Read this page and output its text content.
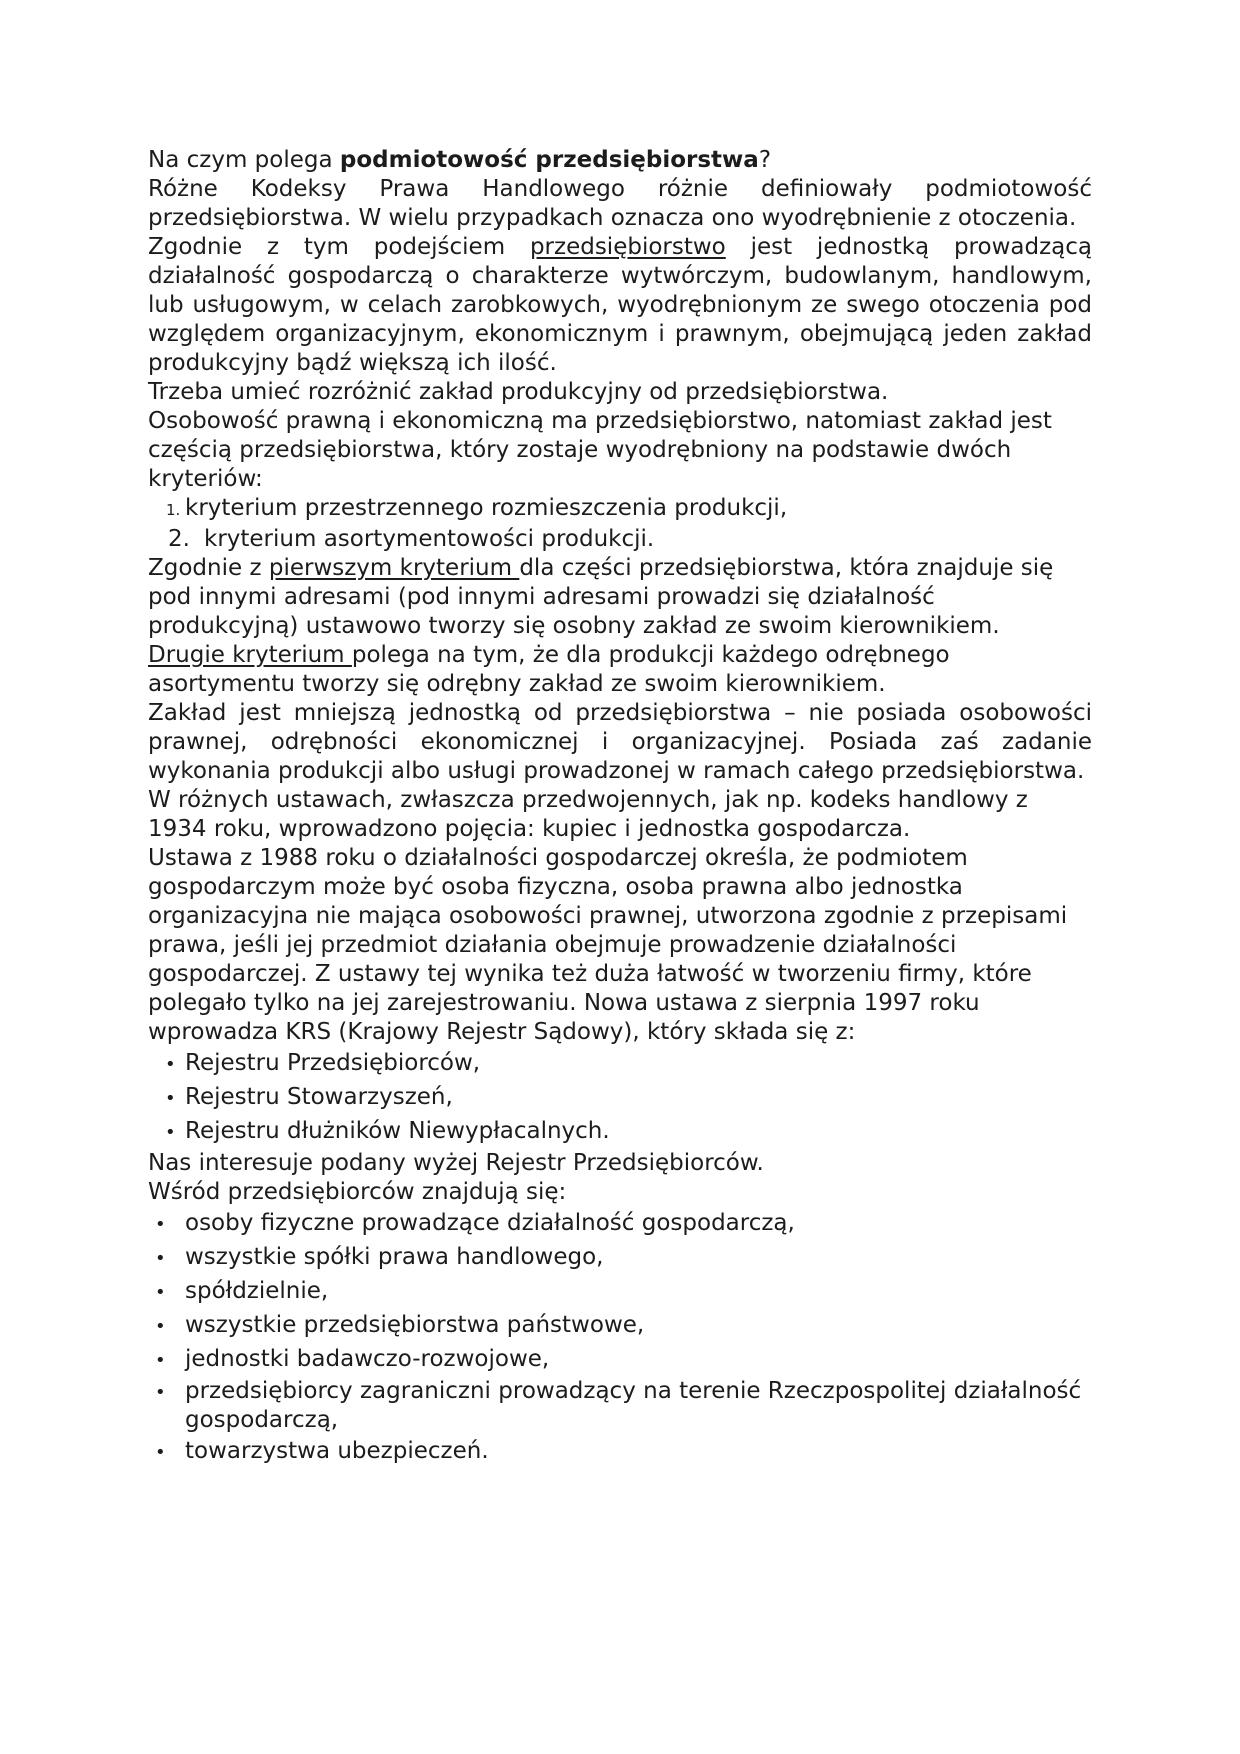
Na czym polega podmiotowość przedsiębiorstwa?

Różne Kodeksy Prawa Handlowego różnie definiowały podmiotowość przedsiębiorstwa. W wielu przypadkach oznacza ono wyodrębnienie z otoczenia.

Zgodnie z tym podejściem przedsiębiorstwo jest jednostką prowadzącą działalność gospodarczą o charakterze wytwórczym, budowlanym, handlowym, lub usługowym, w celach zarobkowych, wyodrębnionym ze swego otoczenia pod względem organizacyjnym, ekonomicznym i prawnym, obejmującą jeden zakład produkcyjny bądź większą ich ilość.

Trzeba umieć rozróżnić zakład produkcyjny od przedsiębiorstwa.

Osobowość prawną i ekonomiczną ma przedsiębiorstwo, natomiast zakład jest częścią przedsiębiorstwa, który zostaje wyodrębniony na podstawie dwóch kryteriów:

1. kryterium przestrzennego rozmieszczenia produkcji,
2. kryterium asortymentowości produkcji.

Zgodnie z pierwszym kryterium dla części przedsiębiorstwa, która znajduje się pod innymi adresami (pod innymi adresami prowadzi się działalność produkcyjną) ustawowo tworzy się osobny zakład ze swoim kierownikiem.

Drugie kryterium polega na tym, że dla produkcji każdego odrębnego asortymentu tworzy się odrębny zakład ze swoim kierownikiem.

Zakład jest mniejszą jednostką od przedsiębiorstwa – nie posiada osobowości prawnej, odrębności ekonomicznej i organizacyjnej. Posiada zaś zadanie wykonania produkcji albo usługi prowadzonej w ramach całego przedsiębiorstwa.

W różnych ustawach, zwłaszcza przedwojennych, jak np. kodeks handlowy z 1934 roku, wprowadzono pojęcia: kupiec i jednostka gospodarcza.

Ustawa z 1988 roku o działalności gospodarczej określa, że podmiotem gospodarczym może być osoba fizyczna, osoba prawna albo jednostka organizacyjna nie mająca osobowości prawnej, utworzona zgodnie z przepisami prawa, jeśli jej przedmiot działania obejmuje prowadzenie działalności gospodarczej. Z ustawy tej wynika też duża łatwość w tworzeniu firmy, które polegało tylko na jej zarejestrowaniu. Nowa ustawa z sierpnia 1997 roku wprowadza KRS (Krajowy Rejestr Sądowy), który składa się z:

• Rejestru Przedsiębiorców,
• Rejestru Stowarzyszeń,
• Rejestru dłużników Niewypłacalnych.

Nas interesuje podany wyżej Rejestr Przedsiębiorców.

Wśród przedsiębiorców znajdują się:

• osoby fizyczne prowadzące działalność gospodarczą,
• wszystkie spółki prawa handlowego,
• spółdzielnie,
• wszystkie przedsiębiorstwa państwowe,
• jednostki badawczo-rozwojowe,
• przedsiębiorcy zagraniczni prowadzący na terenie Rzeczpospolitej działalność gospodarczą,
• towarzystwa ubezpieczeń.
